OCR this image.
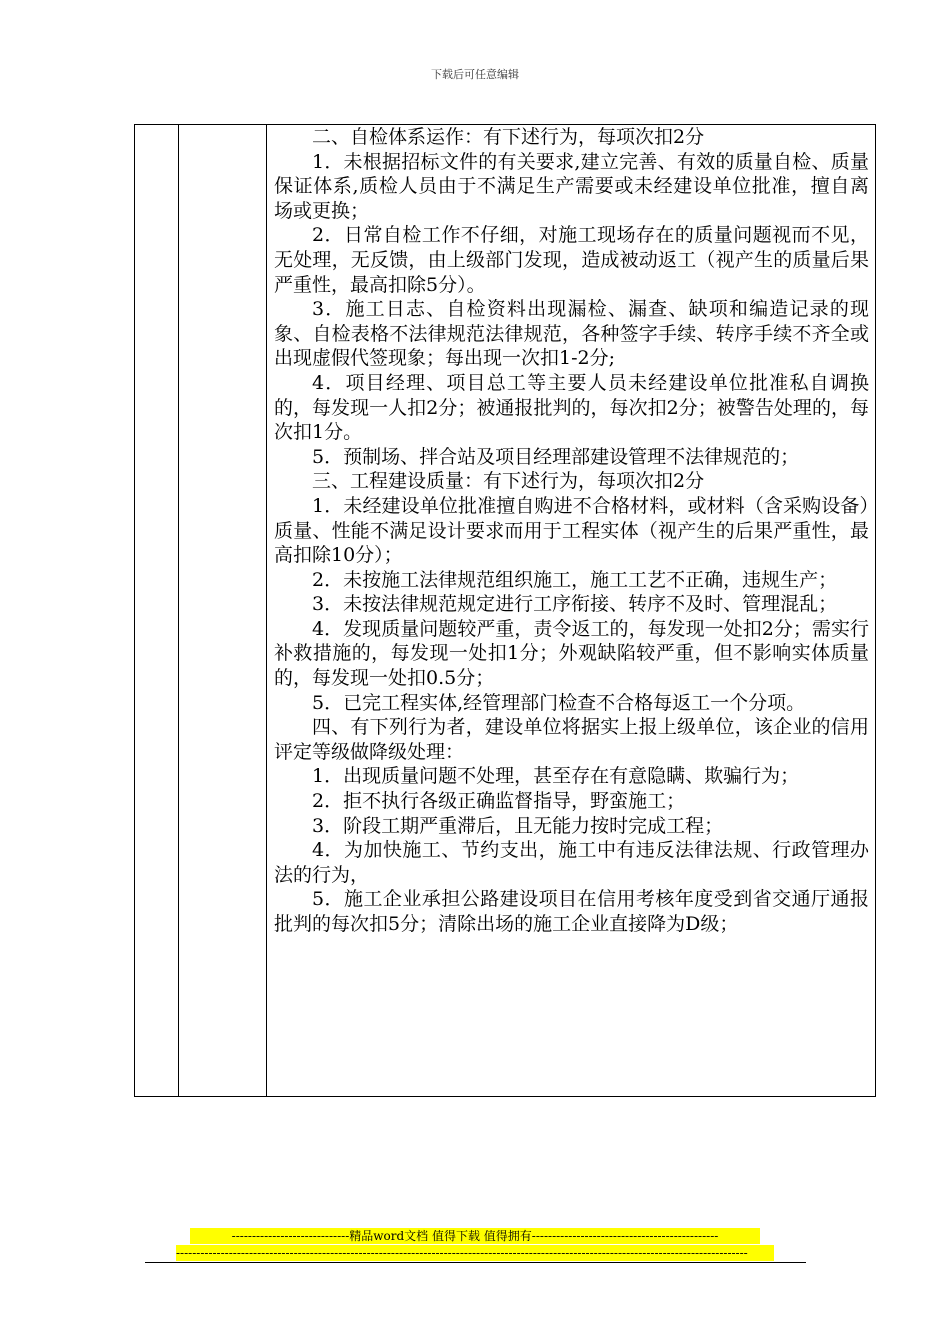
下载后可任意编辑

二、自检体系运作：有下述行为，每项次扣2分

1．未根据招标文件的有关要求,建立完善、有效的质量自检、质量保证体系,质检人员由于不满足生产需要或未经建设单位批准，擅自离场或更换；

2．日常自检工作不仔细，对施工现场存在的质量问题视而不见，无处理，无反馈，由上级部门发现，造成被动返工（视产生的质量后果严重性，最高扣除5分）。

3．施工日志、自检资料出现漏检、漏查、缺项和编造记录的现象、自检表格不法律规范法律规范，各种签字手续、转序手续不齐全或出现虚假代签现象；每出现一次扣1-2分;

4．项目经理、项目总工等主要人员未经建设单位批准私自调换的，每发现一人扣2分；被通报批判的，每次扣2分；被警告处理的，每次扣1分。

5．预制场、拌合站及项目经理部建设管理不法律规范的；

三、工程建设质量：有下述行为，每项次扣2分

1．未经建设单位批准擅自购进不合格材料，或材料（含采购设备）质量、性能不满足设计要求而用于工程实体（视产生的后果严重性，最高扣除10分）；

2．未按施工法律规范组织施工，施工工艺不正确，违规生产；

3．未按法律规范规定进行工序衔接、转序不及时、管理混乱；

4．发现质量问题较严重，责令返工的，每发现一处扣2分；需实行补救措施的，每发现一处扣1分；外观缺陷较严重，但不影响实体质量的，每发现一处扣0.5分；

5．已完工程实体,经管理部门检查不合格每返工一个分项。

四、有下列行为者，建设单位将据实上报上级单位，该企业的信用评定等级做降级处理：

1．出现质量问题不处理，甚至存在有意隐瞒、欺骗行为；

2．拒不执行各级正确监督指导，野蛮施工；

3．阶段工期严重滞后，且无能力按时完成工程；

4．为加快施工、节约支出，施工中有违反法律法规、行政管理办法的行为，

5．施工企业承担公路建设项目在信用考核年度受到省交通厅通报批判的每次扣5分；清除出场的施工企业直接降为D级；

-----------------------------精品word文档 值得下载 值得拥有----------------------------------------------
---------------------------------------------------------------------------------------------------------------------------------------------
